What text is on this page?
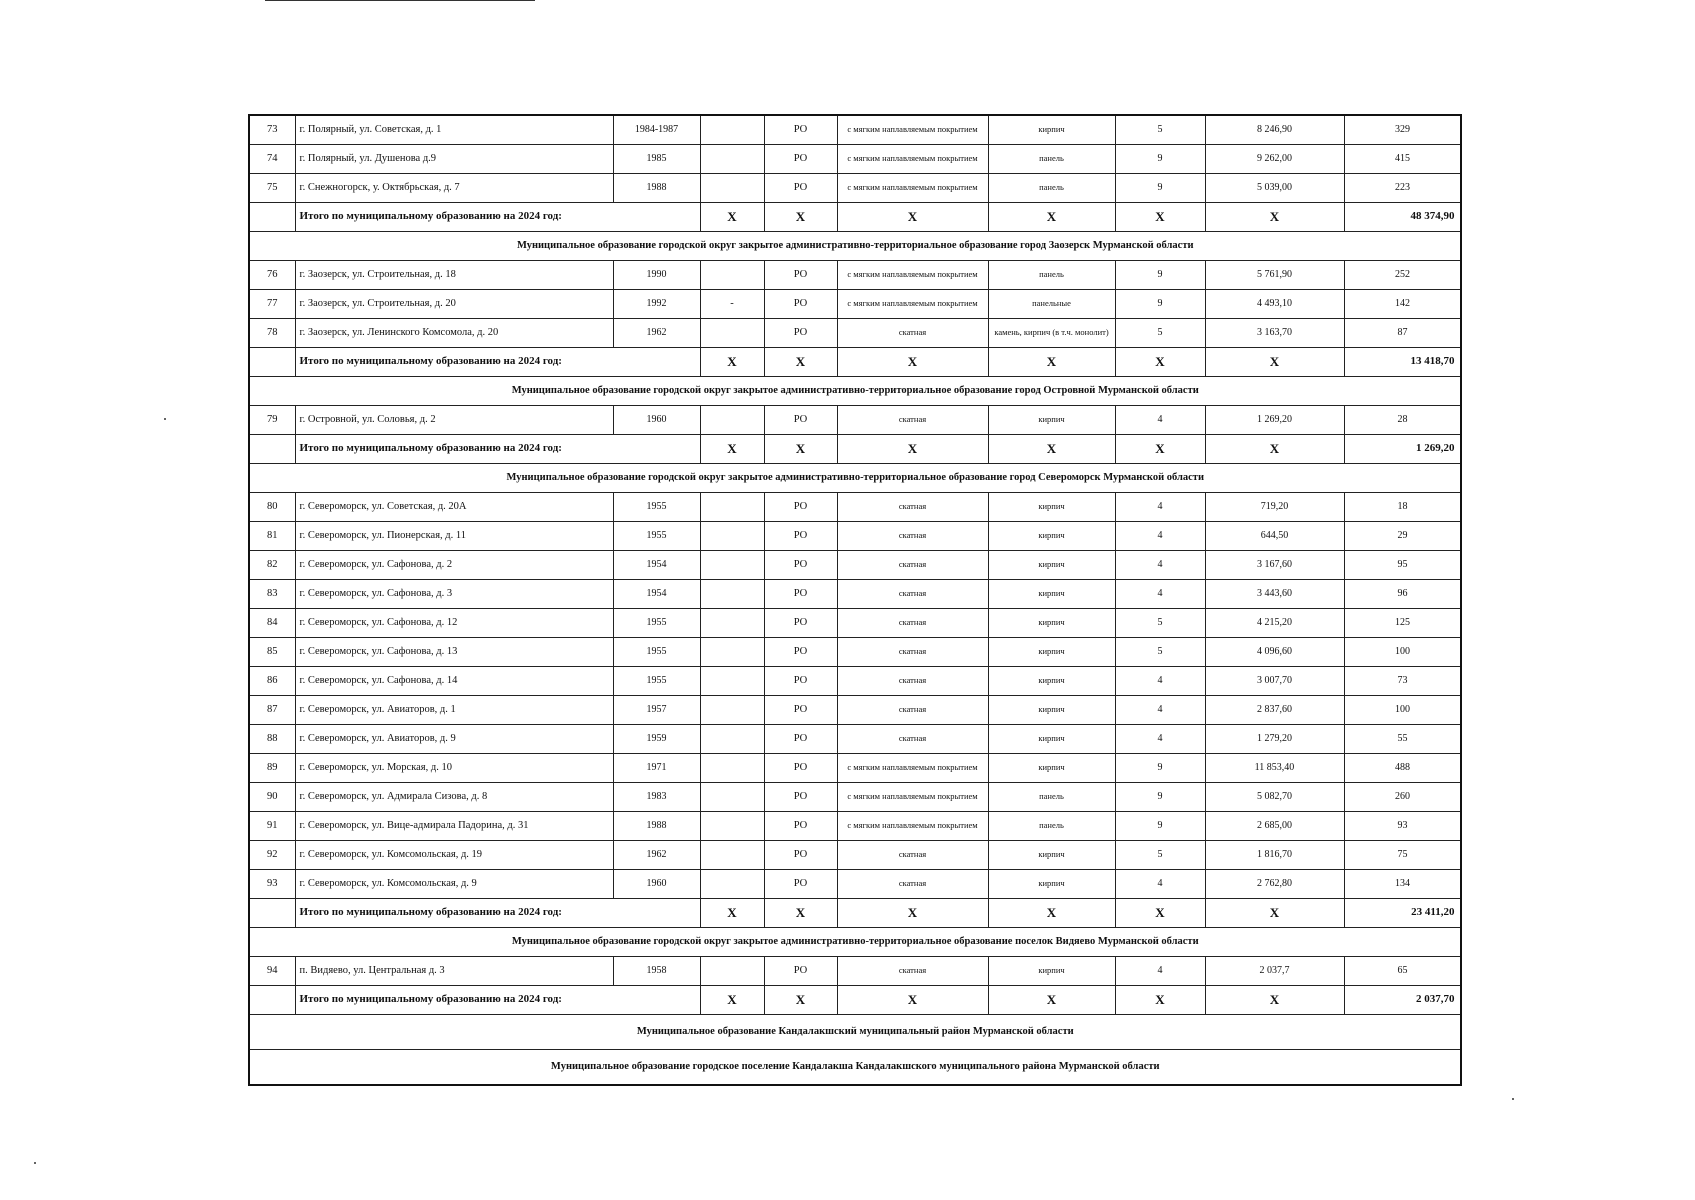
73	г. Полярный, ул. Советская, д. 1	1984-1987		РО	с мягким наплавляемым покрытием	кирпич	5	8 246,90	329	
74	г. Полярный, ул. Душенова д.9	1985		РО	с мягким наплавляемым покрытием	панель	9	9 262,00	415	
75	г. Снежногорск, у. Октябрьская, д. 7	1988		РО	с мягким наплавляемым покрытием	панель	9	5 039,00	223	
	Итого по муниципальному образованию на 2024 год:		X	X	X	X	X	X	48 374,90	
Муниципальное образование городской округ закрытое административно-территориальное образование город Заозерск Мурманской области										
76	г. Заозерск, ул. Строительная, д. 18	1990		РО	с мягким наплавляемым покрытием	панель	9	5 761,90	252	
77	г. Заозерск, ул. Строительная, д. 20	1992	-	РО	с мягким наплавляемым покрытием	панельные	9	4 493,10	142	
78	г. Заозерск, ул. Ленинского Комсомола, д. 20	1962		РО	скатная	камень, кирпич (в т.ч. монолит)	5	3 163,70	87	
	Итого по муниципальному образованию на 2024 год:		X	X	X	X	X	X	13 418,70	
Муниципальное образование городской округ закрытое административно-территориальное образование город Островной Мурманской области										
79	г. Островной, ул. Соловья, д. 2	1960		РО	скатная	кирпич	4	1 269,20	28	
	Итого по муниципальному образованию на 2024 год:		X	X	X	X	X	X	1 269,20	
Муниципальное образование городской округ закрытое административно-территориальное образование город Североморск Мурманской области										
80	г. Североморск, ул. Советская, д. 20А	1955		РО	скатная	кирпич	4	719,20	18	
81	г. Североморск, ул. Пионерская, д. 11	1955		РО	скатная	кирпич	4	644,50	29	
82	г. Североморск, ул. Сафонова, д. 2	1954		РО	скатная	кирпич	4	3 167,60	95	
83	г. Североморск, ул. Сафонова, д. 3	1954		РО	скатная	кирпич	4	3 443,60	96	
84	г. Североморск, ул. Сафонова, д. 12	1955		РО	скатная	кирпич	5	4 215,20	125	
85	г. Североморск, ул. Сафонова, д. 13	1955		РО	скатная	кирпич	5	4 096,60	100	
86	г. Североморск, ул. Сафонова, д. 14	1955		РО	скатная	кирпич	4	3 007,70	73	
87	г. Североморск, ул. Авиаторов, д. 1	1957		РО	скатная	кирпич	4	2 837,60	100	
88	г. Североморск, ул. Авиаторов, д. 9	1959		РО	скатная	кирпич	4	1 279,20	55	
89	г. Североморск, ул. Морская, д. 10	1971		РО	с мягким наплавляемым покрытием	кирпич	9	11 853,40	488	
90	г. Североморск, ул. Адмирала Сизова, д. 8	1983		РО	с мягким наплавляемым покрытием	панель	9	5 082,70	260	
91	г. Североморск, ул. Вице-адмирала Падорина, д. 31	1988		РО	с мягким наплавляемым покрытием	панель	9	2 685,00	93	
92	г. Североморск, ул. Комсомольская, д. 19	1962		РО	скатная	кирпич	5	1 816,70	75	
93	г. Североморск, ул. Комсомольская, д. 9	1960		РО	скатная	кирпич	4	2 762,80	134	
	Итого по муниципальному образованию на 2024 год:		X	X	X	X	X	X	23 411,20	
Муниципальное образование городской округ закрытое административно-территориальное образование поселок Видяево Мурманской области										
94	п. Видяево, ул. Центральная д. 3	1958		РО	скатная	кирпич	4	2 037,7	65	
	Итого по муниципальному образованию на 2024 год:		X	X	X	X	X	X	2 037,70	
Муниципальное образование Кандалакшский муниципальный район Мурманской области										
Муниципальное образование городское поселение Кандалакша Кандалакшского муниципального района Мурманской области										
